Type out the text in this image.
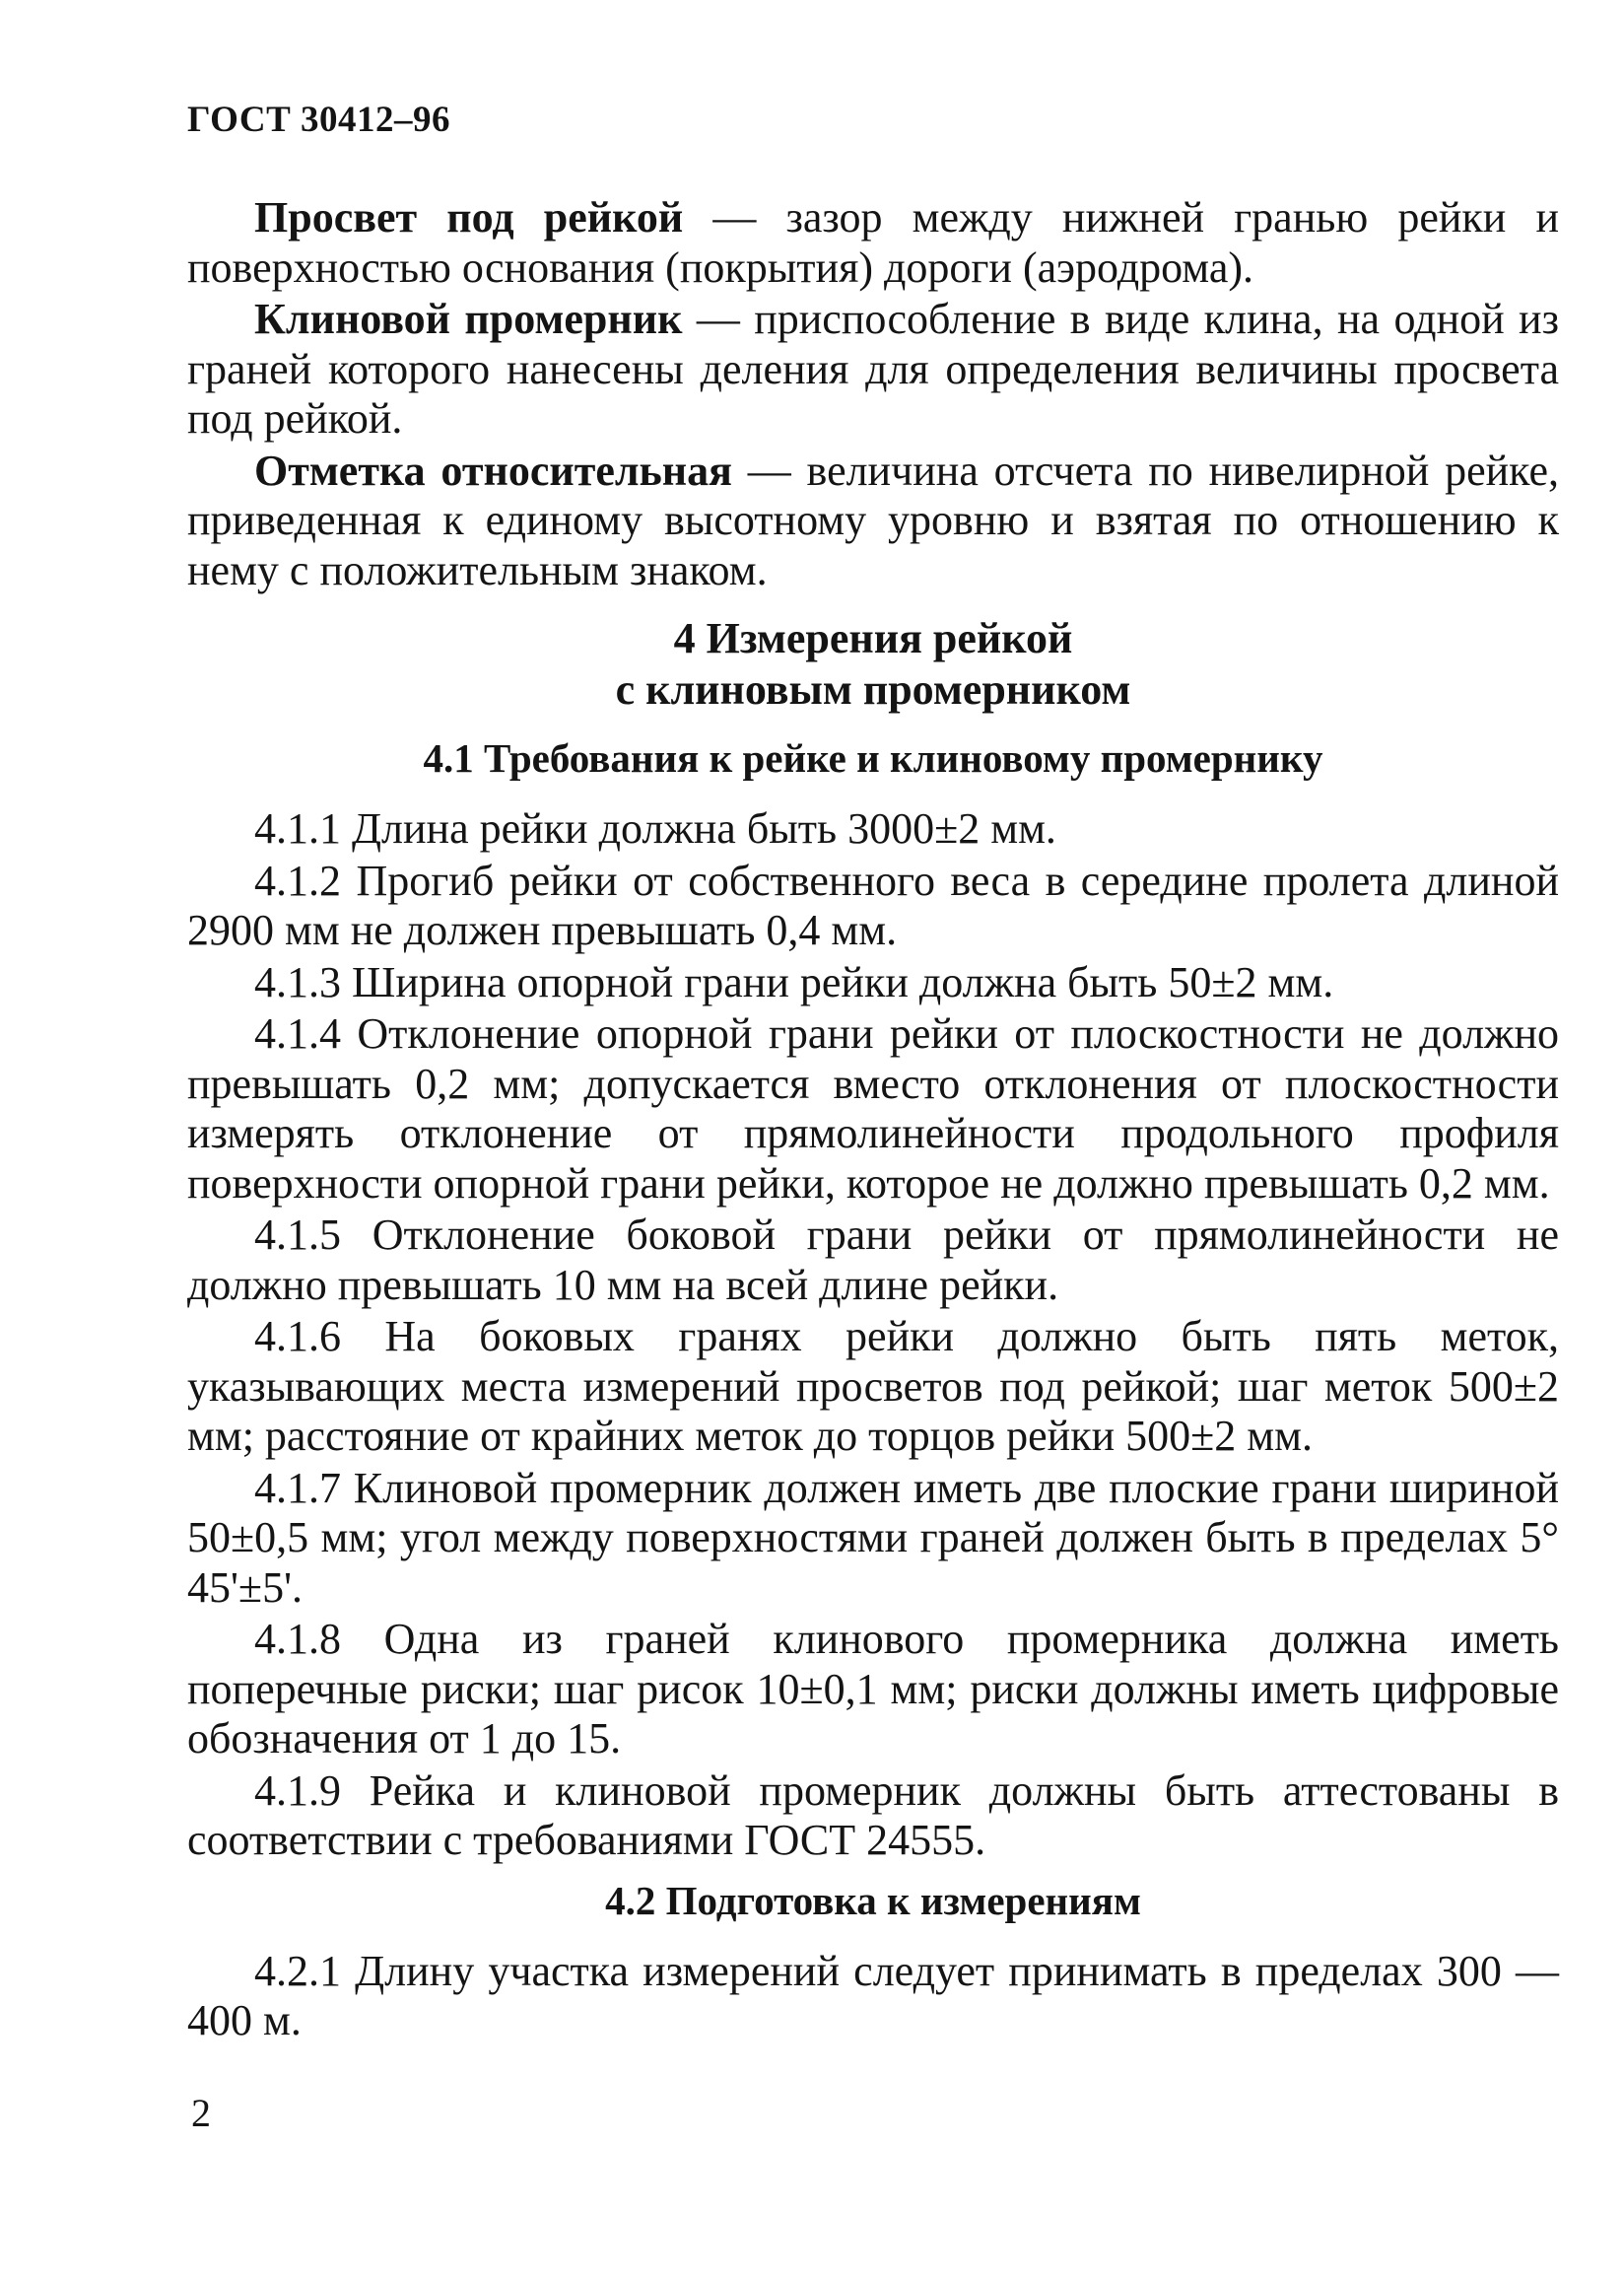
ГОСТ 30412–96

Просвет под рейкой — зазор между нижней гранью рейки и поверхностью основания (покрытия) дороги (аэродрома).

Клиновой промерник — приспособление в виде клина, на одной из граней которого нанесены деления для определения величины просвета под рейкой.

Отметка относительная — величина отсчета по нивелирной рейке, приведенная к единому высотному уровню и взятая по отношению к нему с положительным знаком.

4 Измерения рейкой
с клиновым промерником
4.1 Требования к рейке и клиновому промернику

4.1.1 Длина рейки должна быть 3000±2 мм.

4.1.2 Прогиб рейки от собственного веса в середине пролета длиной 2900 мм не должен превышать 0,4 мм.

4.1.3 Ширина опорной грани рейки должна быть 50±2 мм.

4.1.4 Отклонение опорной грани рейки от плоскостности не должно превышать 0,2 мм; допускается вместо отклонения от плоскостности измерять отклонение от прямолинейности продольного профиля поверхности опорной грани рейки, которое не должно превышать 0,2 мм.

4.1.5 Отклонение боковой грани рейки от прямолинейности не должно превышать 10 мм на всей длине рейки.

4.1.6 На боковых гранях рейки должно быть пять меток, указывающих места измерений просветов под рейкой; шаг меток 500±2 мм; расстояние от крайних меток до торцов рейки 500±2 мм.

4.1.7 Клиновой промерник должен иметь две плоские грани шириной 50±0,5 мм; угол между поверхностями граней должен быть в пределах 5° 45'±5'.

4.1.8 Одна из граней клинового промерника должна иметь поперечные риски; шаг рисок 10±0,1 мм; риски должны иметь цифровые обозначения от 1 до 15.

4.1.9 Рейка и клиновой промерник должны быть аттестованы в соответствии с требованиями ГОСТ 24555.

4.2 Подготовка к измерениям

4.2.1 Длину участка измерений следует принимать в пределах 300 — 400 м.

2
